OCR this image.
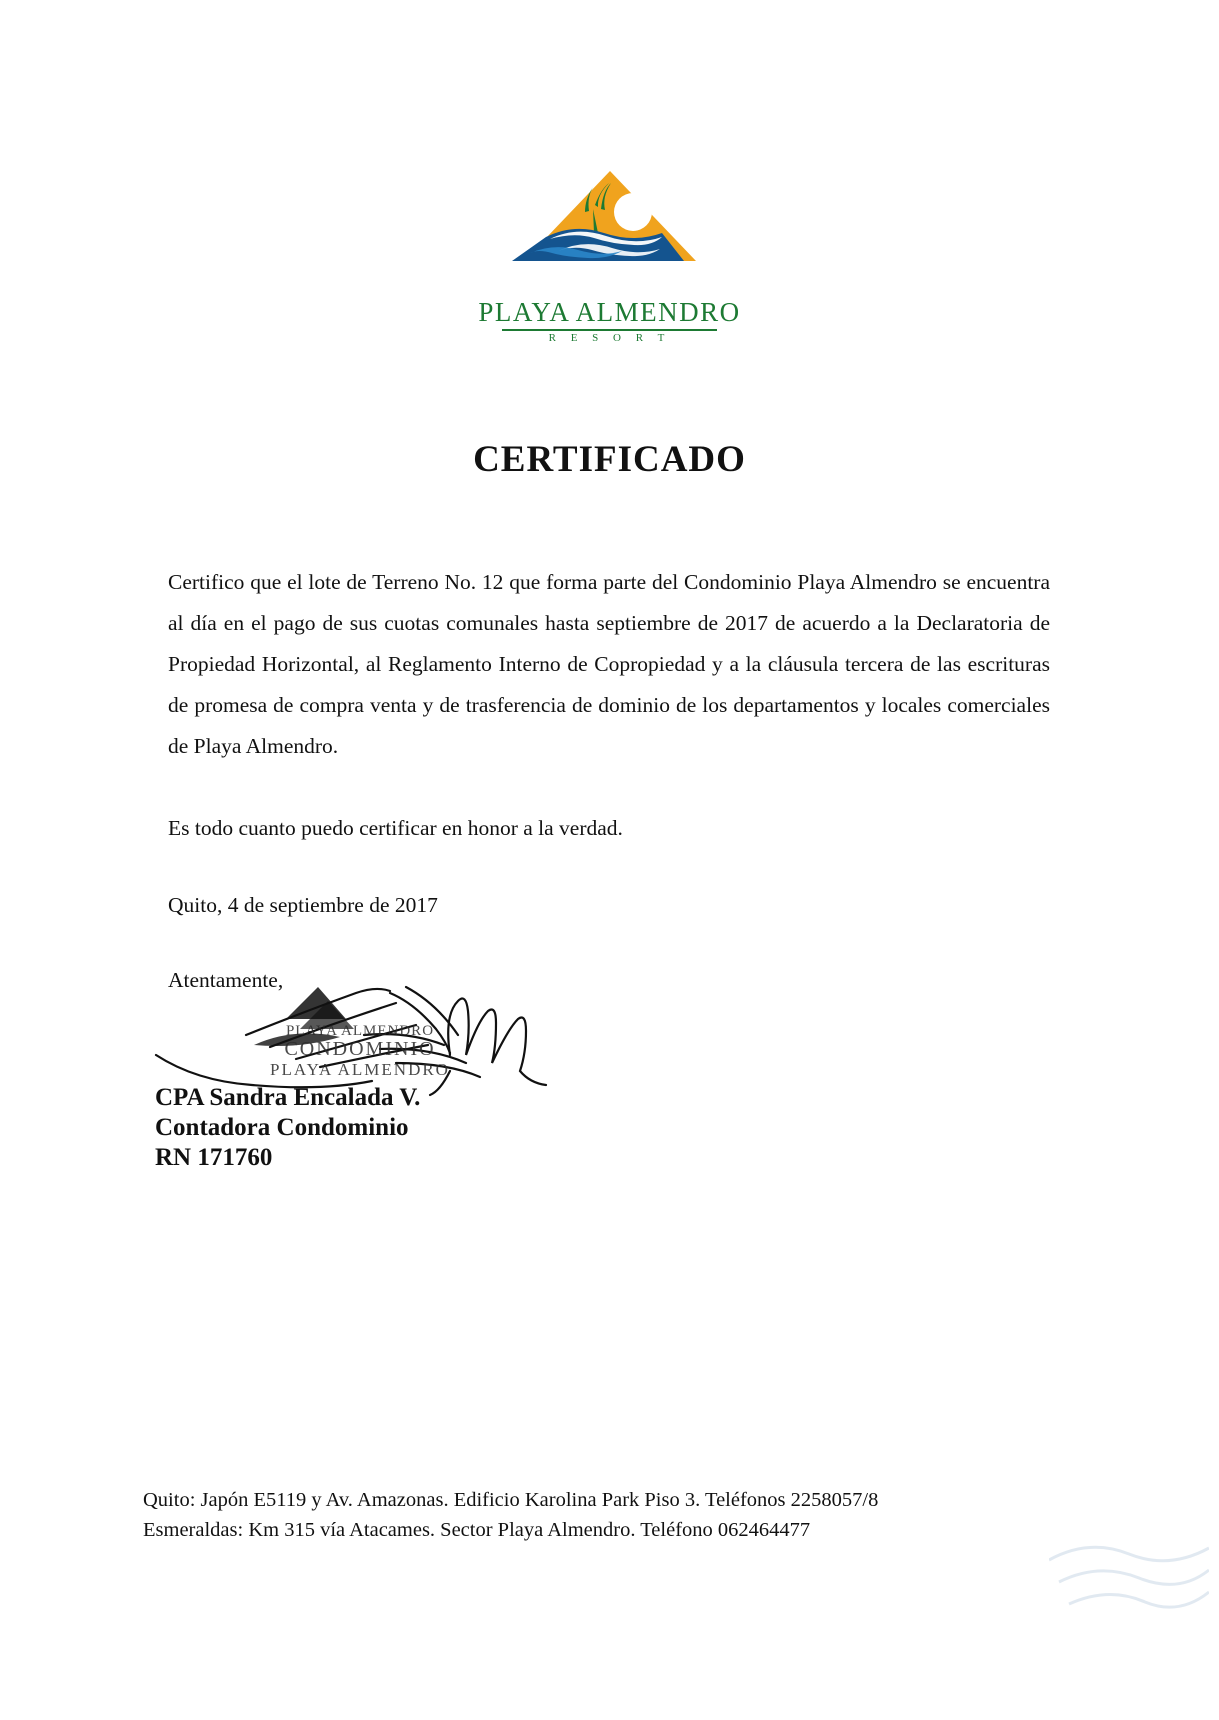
PLAYA ALMENDRO
R E S O R T
CERTIFICADO
Certifico que el lote de Terreno No. 12 que forma parte del Condominio Playa Almendro se encuentra al día en el pago de sus cuotas comunales hasta septiembre de 2017 de acuerdo a la Declaratoria de Propiedad Horizontal, al Reglamento Interno de Copropiedad y a la cláusula tercera de las escrituras de promesa de compra venta y de trasferencia de dominio de los departamentos y locales comerciales de Playa Almendro.
Es todo cuanto puedo certificar en honor a la verdad.
Quito, 4 de septiembre de 2017
Atentamente,
PLAYA ALMENDRO
CONDOMINIO
PLAYA ALMENDRO
CPA Sandra Encalada V.
Contadora Condominio
RN 171760
Quito: Japón E5119 y Av. Amazonas. Edificio Karolina Park Piso 3. Teléfonos 2258057/8
Esmeraldas: Km 315 vía Atacames. Sector Playa Almendro. Teléfono 062464477
